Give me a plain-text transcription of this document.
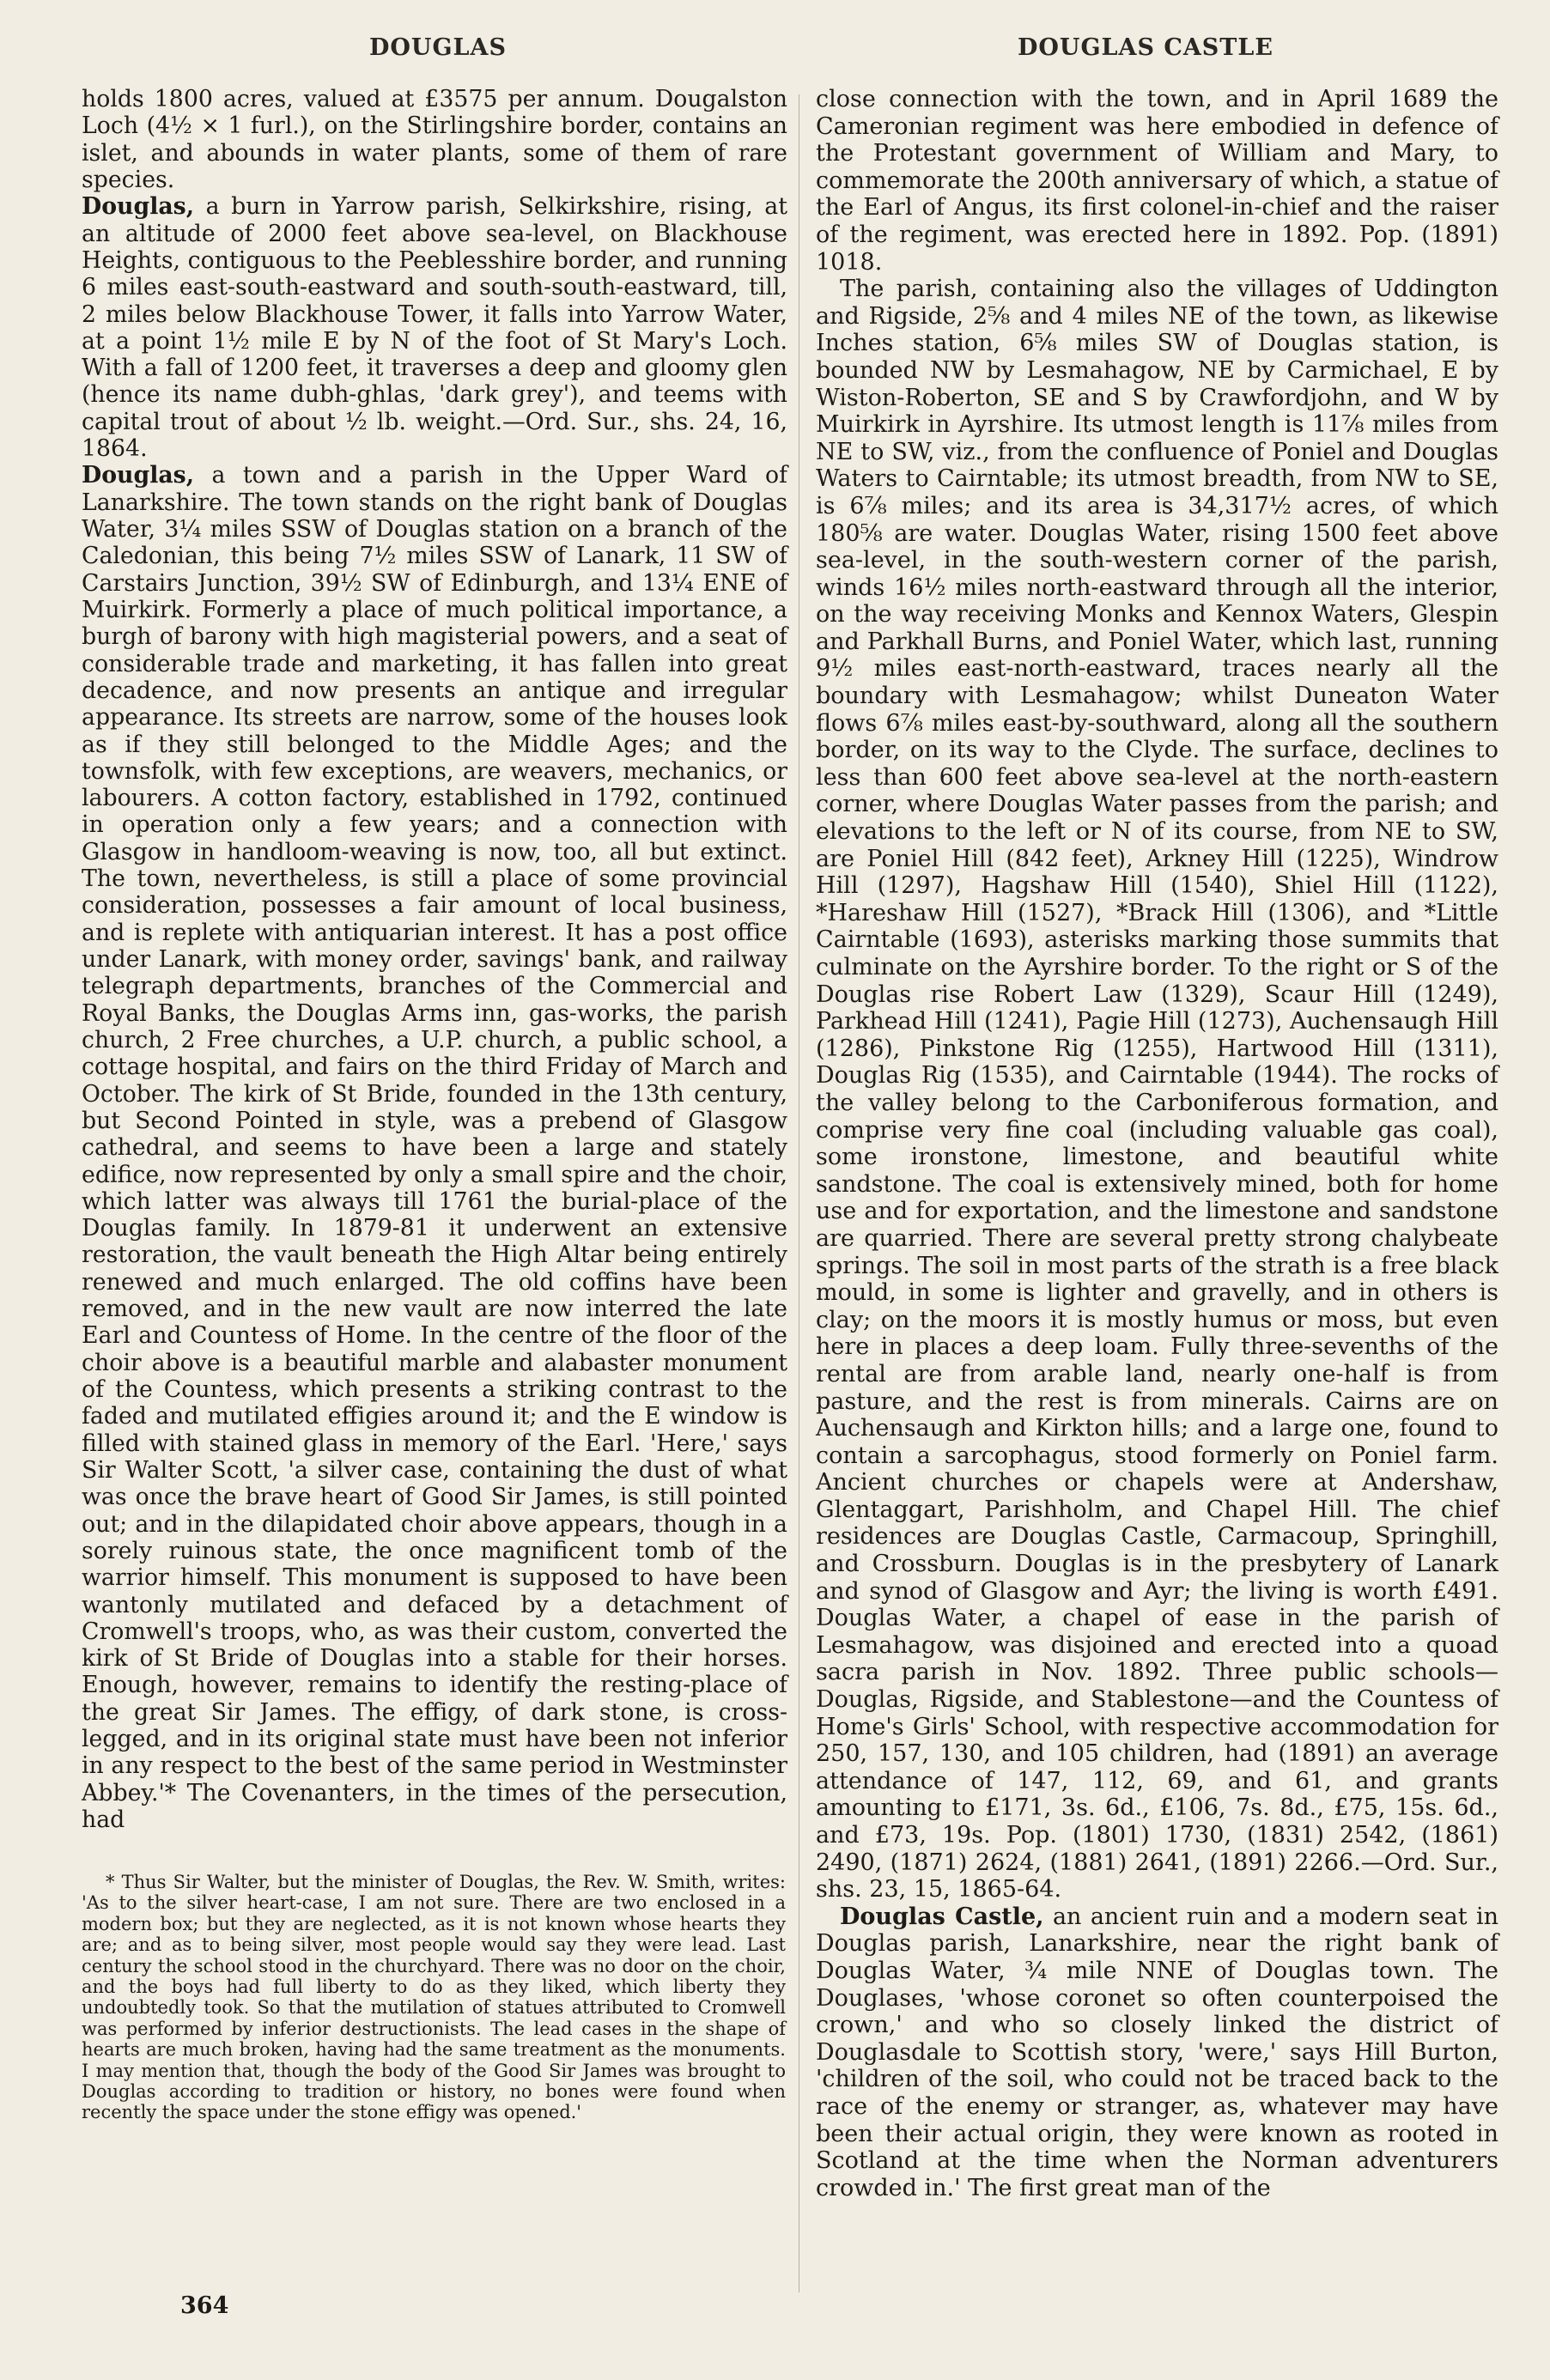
DOUGLAS	DOUGLAS CASTLE

holds 1800 acres, valued at £3575 per annum. Dougalston Loch (4½ × 1 furl.), on the Stirlingshire border, contains an islet, and abounds in water plants, some of them of rare species.

Douglas, a burn in Yarrow parish, Selkirkshire, rising, at an altitude of 2000 feet above sea-level, on Blackhouse Heights, contiguous to the Peeblesshire border, and running 6 miles east-south-eastward and south-south-eastward, till, 2 miles below Blackhouse Tower, it falls into Yarrow Water, at a point 1½ mile E by N of the foot of St Mary's Loch. With a fall of 1200 feet, it traverses a deep and gloomy glen (hence its name dubh-ghlas, 'dark grey'), and teems with capital trout of about ½ lb. weight.—Ord. Sur., shs. 24, 16, 1864.

Douglas, a town and a parish in the Upper Ward of Lanarkshire. The town stands on the right bank of Douglas Water, 3¼ miles SSW of Douglas station on a branch of the Caledonian, this being 7½ miles SSW of Lanark, 11 SW of Carstairs Junction, 39½ SW of Edinburgh, and 13¼ ENE of Muirkirk. Formerly a place of much political importance, a burgh of barony with high magisterial powers, and a seat of considerable trade and marketing, it has fallen into great decadence, and now presents an antique and irregular appearance. Its streets are narrow, some of the houses look as if they still belonged to the Middle Ages; and the townsfolk, with few exceptions, are weavers, mechanics, or labourers. A cotton factory, established in 1792, continued in operation only a few years; and a connection with Glasgow in handloom-weaving is now, too, all but extinct. The town, nevertheless, is still a place of some provincial consideration, possesses a fair amount of local business, and is replete with antiquarian interest. It has a post office under Lanark, with money order, savings' bank, and railway telegraph departments, branches of the Commercial and Royal Banks, the Douglas Arms inn, gas-works, the parish church, 2 Free churches, a U.P. church, a public school, a cottage hospital, and fairs on the third Friday of March and October. The kirk of St Bride, founded in the 13th century, but Second Pointed in style, was a prebend of Glasgow cathedral, and seems to have been a large and stately edifice, now represented by only a small spire and the choir, which latter was always till 1761 the burial-place of the Douglas family. In 1879-81 it underwent an extensive restoration, the vault beneath the High Altar being entirely renewed and much enlarged. The old coffins have been removed, and in the new vault are now interred the late Earl and Countess of Home. In the centre of the floor of the choir above is a beautiful marble and alabaster monument of the Countess, which presents a striking contrast to the faded and mutilated effigies around it; and the E window is filled with stained glass in memory of the Earl. 'Here,' says Sir Walter Scott, 'a silver case, containing the dust of what was once the brave heart of Good Sir James, is still pointed out; and in the dilapidated choir above appears, though in a sorely ruinous state, the once magnificent tomb of the warrior himself. This monument is supposed to have been wantonly mutilated and defaced by a detachment of Cromwell's troops, who, as was their custom, converted the kirk of St Bride of Douglas into a stable for their horses. Enough, however, remains to identify the resting-place of the great Sir James. The effigy, of dark stone, is cross-legged, and in its original state must have been not inferior in any respect to the best of the same period in Westminster Abbey.'* The Covenanters, in the times of the persecution, had

close connection with the town, and in April 1689 the Cameronian regiment was here embodied in defence of the Protestant government of William and Mary, to commemorate the 200th anniversary of which, a statue of the Earl of Angus, its first colonel-in-chief and the raiser of the regiment, was erected here in 1892. Pop. (1891) 1018.

The parish, containing also the villages of Uddington and Rigside, 2⅝ and 4 miles NE of the town, as likewise Inches station, 6⅝ miles SW of Douglas station, is bounded NW by Lesmahagow, NE by Carmichael, E by Wiston-Roberton, SE and S by Crawfordjohn, and W by Muirkirk in Ayrshire. Its utmost length is 11⅞ miles from NE to SW, viz., from the confluence of Poniel and Douglas Waters to Cairntable; its utmost breadth, from NW to SE, is 6⅞ miles; and its area is 34,317½ acres, of which 180⅝ are water. Douglas Water, rising 1500 feet above sea-level, in the south-western corner of the parish, winds 16½ miles north-eastward through all the interior, on the way receiving Monks and Kennox Waters, Glespin and Parkhall Burns, and Poniel Water, which last, running 9½ miles east-north-eastward, traces nearly all the boundary with Lesmahagow; whilst Duneaton Water flows 6⅞ miles east-by-southward, along all the southern border, on its way to the Clyde. The surface, declines to less than 600 feet above sea-level at the north-eastern corner, where Douglas Water passes from the parish; and elevations to the left or N of its course, from NE to SW, are Poniel Hill (842 feet), Arkney Hill (1225), Windrow Hill (1297), Hagshaw Hill (1540), Shiel Hill (1122), *Hareshaw Hill (1527), *Brack Hill (1306), and *Little Cairntable (1693), asterisks marking those summits that culminate on the Ayrshire border. To the right or S of the Douglas rise Robert Law (1329), Scaur Hill (1249), Parkhead Hill (1241), Pagie Hill (1273), Auchensaugh Hill (1286), Pinkstone Rig (1255), Hartwood Hill (1311), Douglas Rig (1535), and Cairntable (1944). The rocks of the valley belong to the Carboniferous formation, and comprise very fine coal (including valuable gas coal), some ironstone, limestone, and beautiful white sandstone. The coal is extensively mined, both for home use and for exportation, and the limestone and sandstone are quarried. There are several pretty strong chalybeate springs. The soil in most parts of the strath is a free black mould, in some is lighter and gravelly, and in others is clay; on the moors it is mostly humus or moss, but even here in places a deep loam. Fully three-sevenths of the rental are from arable land, nearly one-half is from pasture, and the rest is from minerals. Cairns are on Auchensaugh and Kirkton hills; and a large one, found to contain a sarcophagus, stood formerly on Poniel farm. Ancient churches or chapels were at Andershaw, Glentaggart, Parishholm, and Chapel Hill. The chief residences are Douglas Castle, Carmacoup, Springhill, and Crossburn. Douglas is in the presbytery of Lanark and synod of Glasgow and Ayr; the living is worth £491. Douglas Water, a chapel of ease in the parish of Lesmahagow, was disjoined and erected into a quoad sacra parish in Nov. 1892. Three public schools—Douglas, Rigside, and Stablestone—and the Countess of Home's Girls' School, with respective accommodation for 250, 157, 130, and 105 children, had (1891) an average attendance of 147, 112, 69, and 61, and grants amounting to £171, 3s. 6d., £106, 7s. 8d., £75, 15s. 6d., and £73, 19s. Pop. (1801) 1730, (1831) 2542, (1861) 2490, (1871) 2624, (1881) 2641, (1891) 2266.—Ord. Sur., shs. 23, 15, 1865-64.

Douglas Castle, an ancient ruin and a modern seat in Douglas parish, Lanarkshire, near the right bank of Douglas Water, ¾ mile NNE of Douglas town. The Douglases, 'whose coronet so often counterpoised the crown,' and who so closely linked the district of Douglasdale to Scottish story, 'were,' says Hill Burton, 'children of the soil, who could not be traced back to the race of the enemy or stranger, as, whatever may have been their actual origin, they were known as rooted in Scotland at the time when the Norman adventurers crowded in.' The first great man of the

* Thus Sir Walter, but the minister of Douglas, the Rev. W. Smith, writes: 'As to the silver heart-case, I am not sure. There are two enclosed in a modern box; but they are neglected, as it is not known whose hearts they are; and as to being silver, most people would say they were lead. Last century the school stood in the churchyard. There was no door on the choir, and the boys had full liberty to do as they liked, which liberty they undoubtedly took. So that the mutilation of statues attributed to Cromwell was performed by inferior destructionists. The lead cases in the shape of hearts are much broken, having had the same treatment as the monuments. I may mention that, though the body of the Good Sir James was brought to Douglas according to tradition or history, no bones were found when recently the space under the stone effigy was opened.'

364
